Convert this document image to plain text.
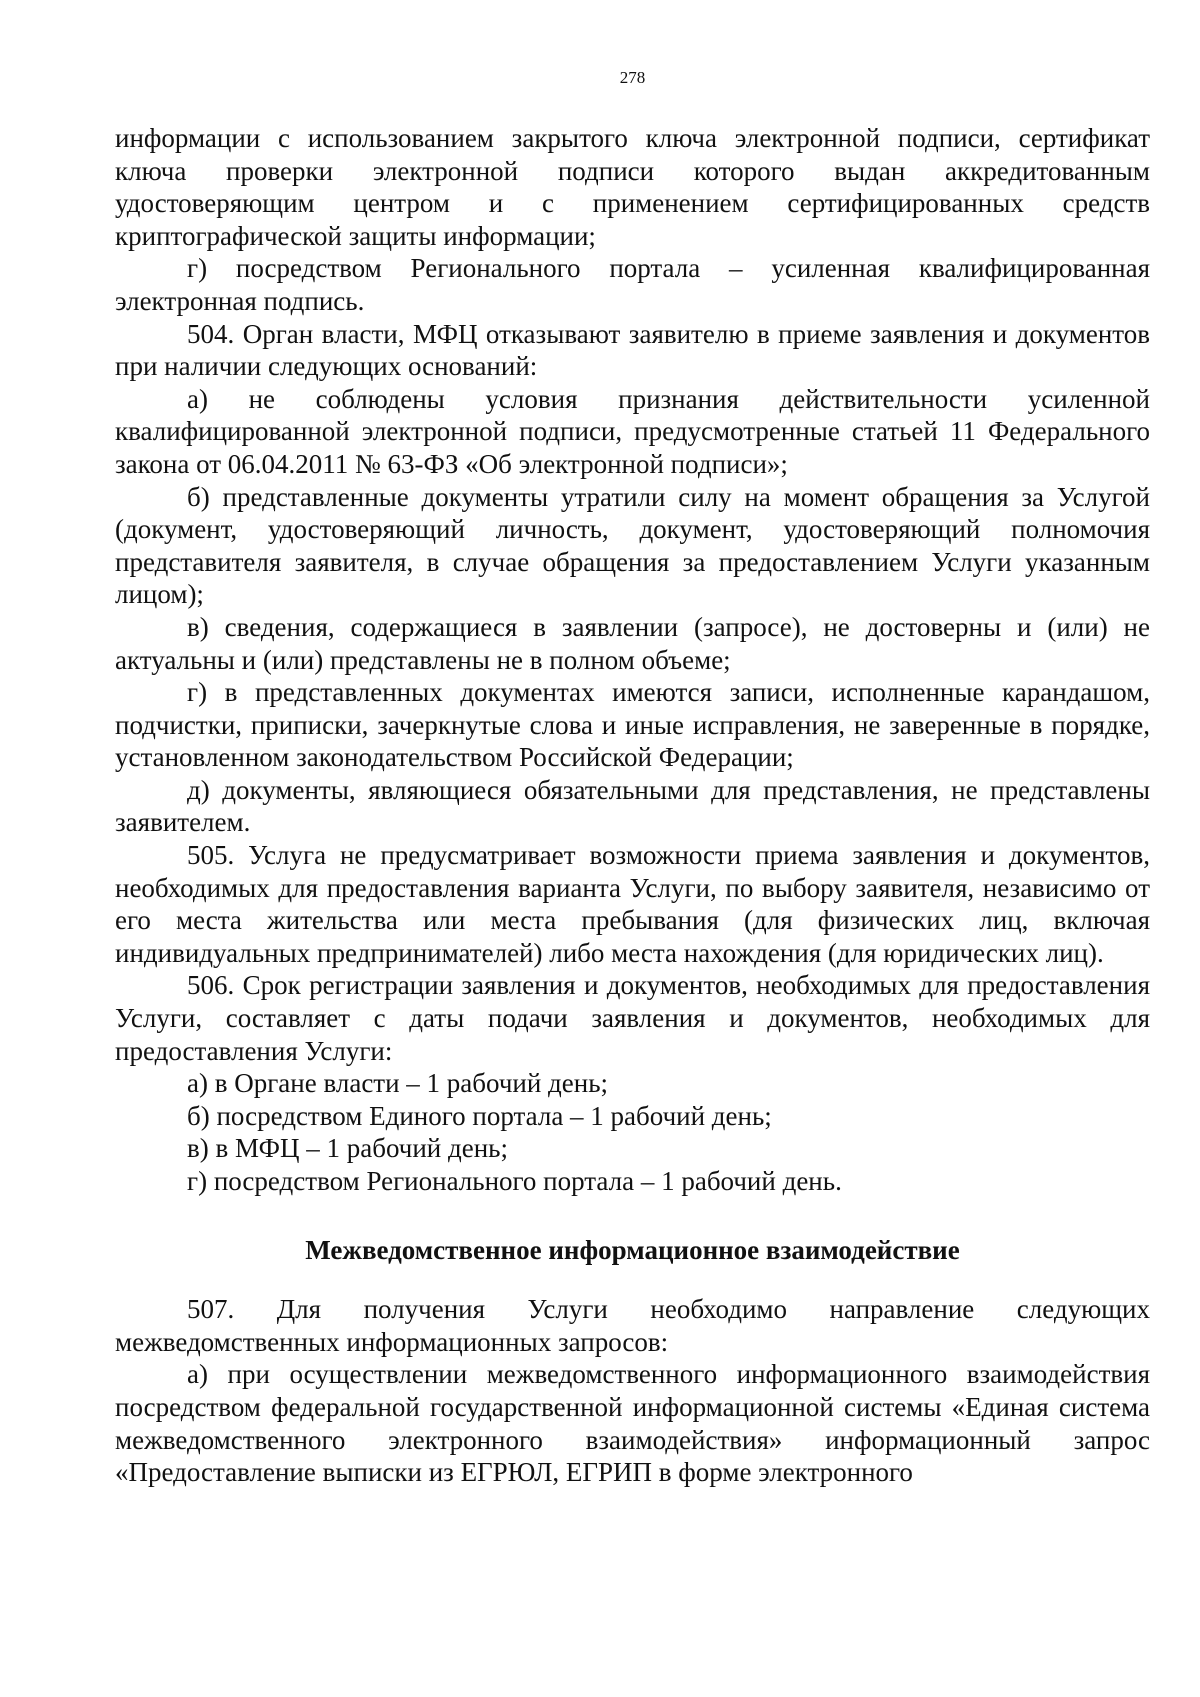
278

информации с использованием закрытого ключа электронной подписи, сертификат ключа проверки электронной подписи которого выдан аккредитованным удостоверяющим центром и с применением сертифицированных средств криптографической защиты информации;

г) посредством Регионального портала – усиленная квалифицированная электронная подпись.

504. Орган власти, МФЦ отказывают заявителю в приеме заявления и документов при наличии следующих оснований:

а) не соблюдены условия признания действительности усиленной квалифицированной электронной подписи, предусмотренные статьей 11 Федерального закона от 06.04.2011 № 63-ФЗ «Об электронной подписи»;

б) представленные документы утратили силу на момент обращения за Услугой (документ, удостоверяющий личность, документ, удостоверяющий полномочия представителя заявителя, в случае обращения за предоставлением Услуги указанным лицом);

в) сведения, содержащиеся в заявлении (запросе), не достоверны и (или) не актуальны и (или) представлены не в полном объеме;

г) в представленных документах имеются записи, исполненные карандашом, подчистки, приписки, зачеркнутые слова и иные исправления, не заверенные в порядке, установленном законодательством Российской Федерации;

д) документы, являющиеся обязательными для представления, не представлены заявителем.

505. Услуга не предусматривает возможности приема заявления и документов, необходимых для предоставления варианта Услуги, по выбору заявителя, независимо от его места жительства или места пребывания (для физических лиц, включая индивидуальных предпринимателей) либо места нахождения (для юридических лиц).

506. Срок регистрации заявления и документов, необходимых для предоставления Услуги, составляет с даты подачи заявления и документов, необходимых для предоставления Услуги:

а) в Органе власти – 1 рабочий день;

б) посредством Единого портала – 1 рабочий день;

в) в МФЦ – 1 рабочий день;

г) посредством Регионального портала – 1 рабочий день.

Межведомственное информационное взаимодействие

507. Для получения Услуги необходимо направление следующих межведомственных информационных запросов:

а) при осуществлении межведомственного информационного взаимодействия посредством федеральной государственной информационной системы «Единая система межведомственного электронного взаимодействия» информационный запрос «Предоставление выписки из ЕГРЮЛ, ЕГРИП в форме электронного
